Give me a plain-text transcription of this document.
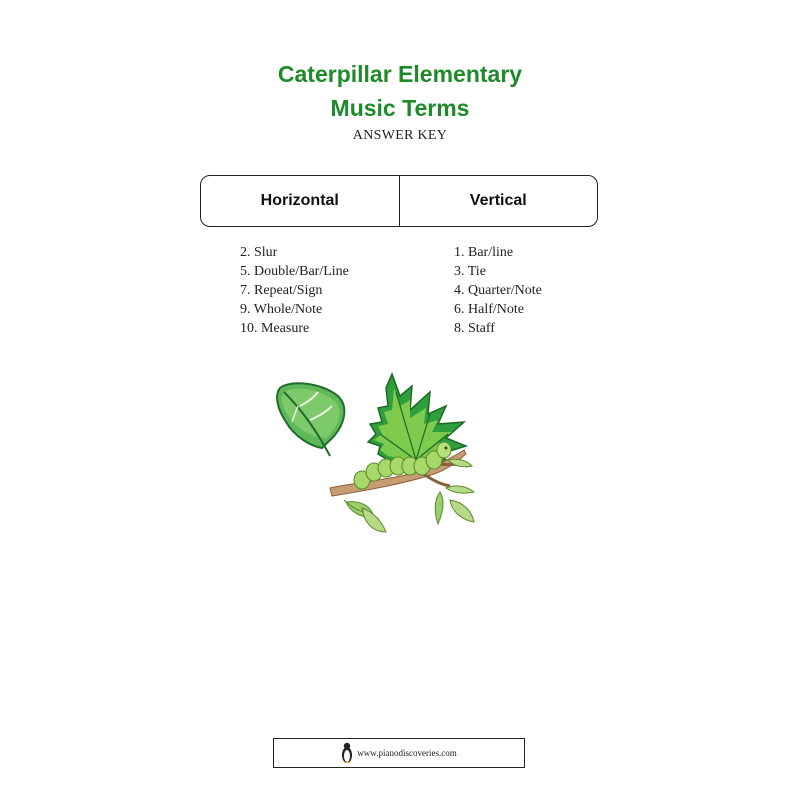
Caterpillar Elementary
Music Terms
ANSWER KEY
Horizontal	Vertical
2. Slur
5. Double/Bar/Line
7. Repeat/Sign
9. Whole/Note
10. Measure
1. Bar/line
3. Tie
4. Quarter/Note
6. Half/Note
8. Staff
www.pianodiscoveries.com
